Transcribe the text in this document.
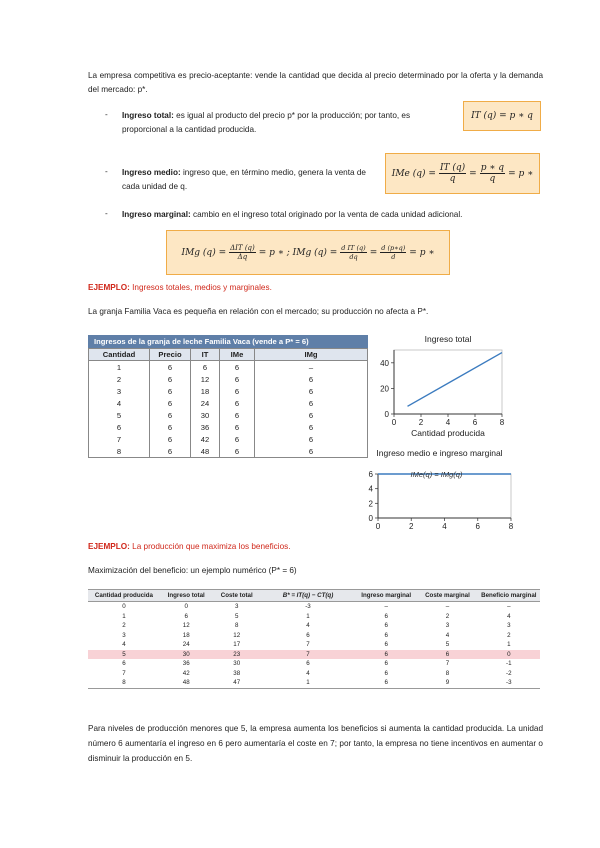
La empresa competitiva es precio-aceptante: vende la cantidad que decida al precio determinado por la oferta y la demanda del mercado: p*.

- Ingreso total: es igual al producto del precio p* por la producción; por tanto, es proporcional a la cantidad producida.

IT (q) = p ∗ q
- Ingreso medio: ingreso que, en término medio, genera la venta de cada unidad de q.

IMe $(q) = \frac{IT (q)}{q} = \frac{p ∗ q}{q} = p$ ∗
- Ingreso marginal: cambio en el ingreso total originado por la venta de cada unidad adicional.

IMg (q) = ΔIT (q)
Δq = p ∗ ; IMg $(q) = \frac{\text{d IT (q)}}{dq} = \frac{d (p∗q)}{d} = p$ ∗

EJEMPLO: Ingresos totales, medios y marginales.

La granja Familia Vaca es pequeña en relación con el mercado; su producción no afecta a P*.

Ingresos de la granja de leche Familia Vaca (vende a P* = 6)
Cantidad	Precio	IT	IMe	IMg
1	6	6	6	–
2	6	12	6	6
3	6	18	6	6
4	6	24	6	6
5	6	30	6	6
6	6	36	6	6
7	6	42	6	6
8	6	48	6	6
Ingreso total
0	2	4	6	8
0
20
40
Cantidad producida
Ingreso medio e ingreso marginal
0	2	4	6	8
0
2
4
6	IMe(q) = IMg(q)

EJEMPLO: La producción que maximiza los beneficios.

Maximización del beneficio: un ejemplo numérico (P* = 6)

Cantidad producida	Ingreso total	Coste total	B* = IT(q) − CT(q)	Ingreso marginal	Coste marginal	Beneficio marginal
0	0	3	-3	–	–	–
1	6	5	1	6	2	4
2	12	8	4	6	3	3
3	18	12	6	6	4	2
4	24	17	7	6	5	1
5	30	23	7	6	6	0
6	36	30	6	6	7	-1
7	42	38	4	6	8	-2
8	48	47	1	6	9	-3

Para niveles de producción menores que 5, la empresa aumenta los beneficios si aumenta la cantidad producida. La unidad número 6 aumentaría el ingreso en 6 pero aumentaría el coste en 7; por tanto, la empresa no tiene incentivos en aumentar o disminuir la producción en 5.
